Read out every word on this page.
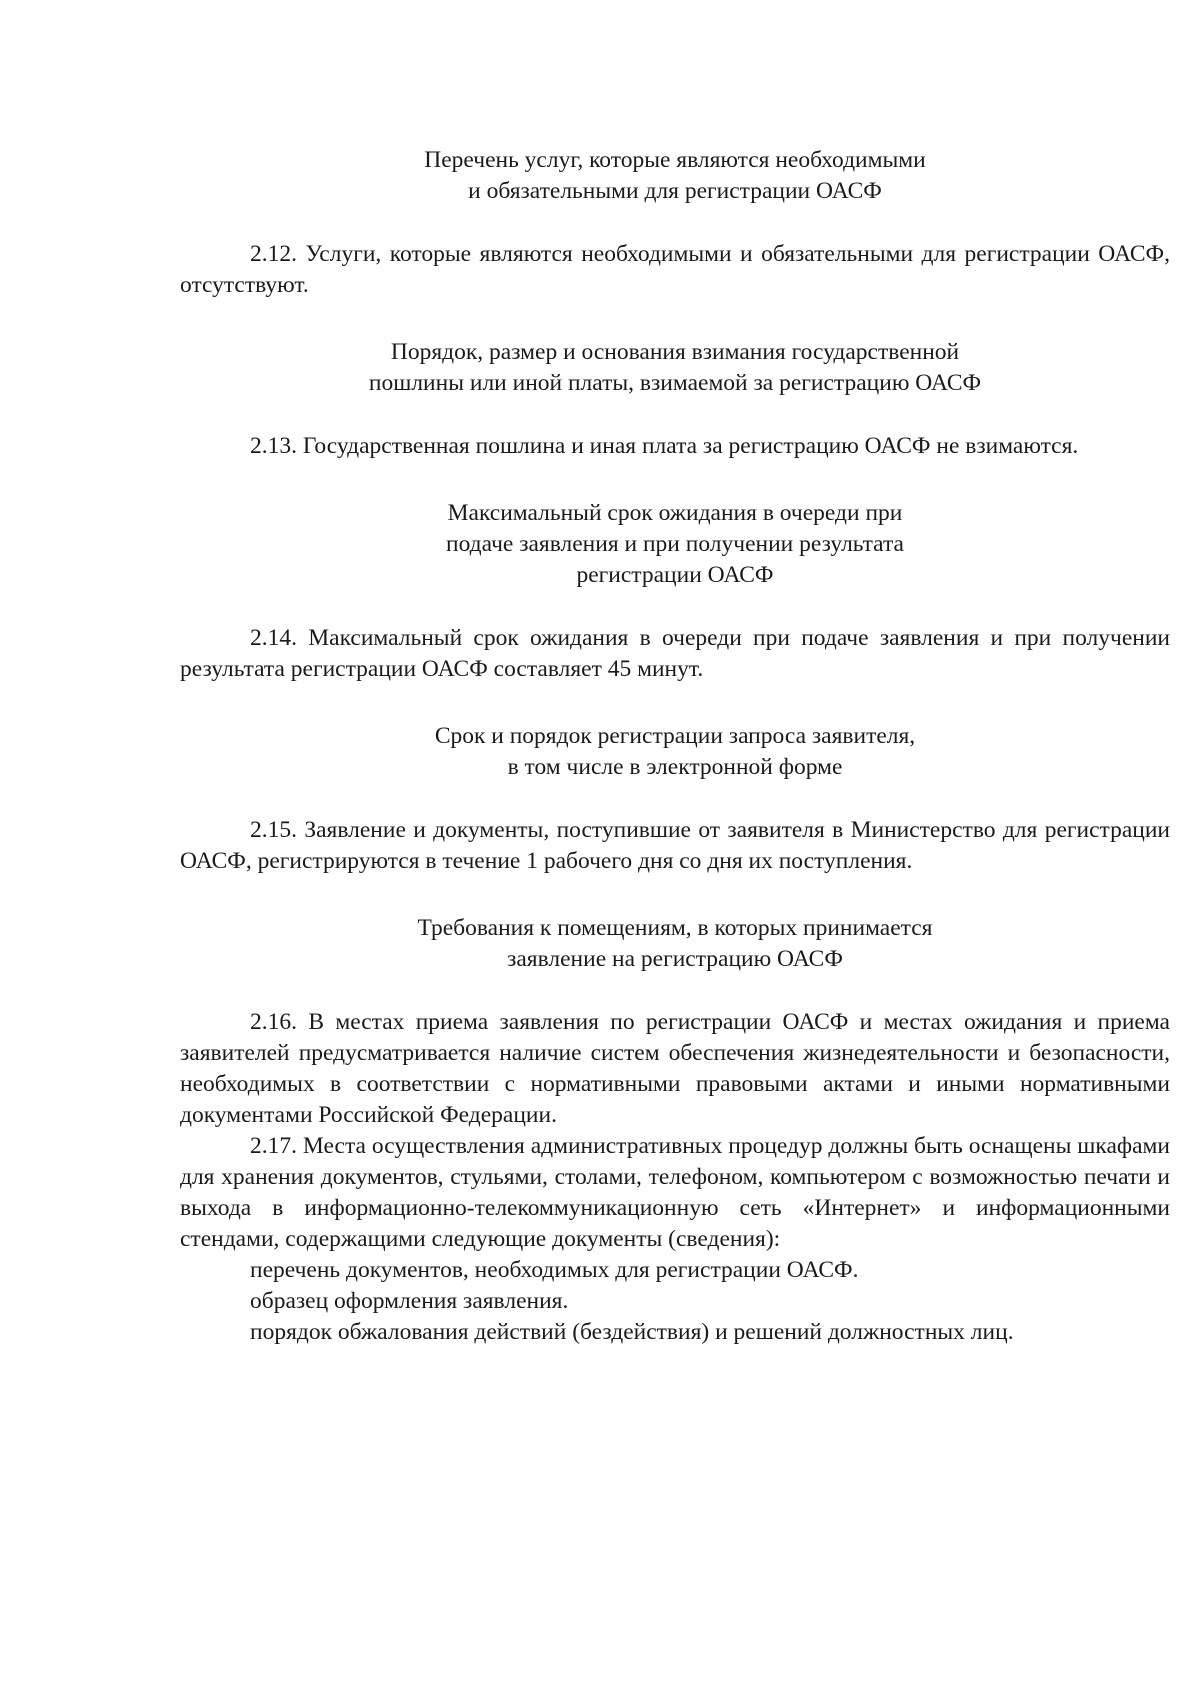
Перечень услуг, которые являются необходимыми
и обязательными для регистрации ОАСФ

2.12. Услуги, которые являются необходимыми и обязательными для регистрации ОАСФ, отсутствуют.

Порядок, размер и основания взимания государственной
пошлины или иной платы, взимаемой за регистрацию ОАСФ

2.13. Государственная пошлина и иная плата за регистрацию ОАСФ не взимаются.

Максимальный срок ожидания в очереди при
подаче заявления и при получении результата
регистрации ОАСФ

2.14. Максимальный срок ожидания в очереди при подаче заявления и при получении результата регистрации ОАСФ составляет 45 минут.

Срок и порядок регистрации запроса заявителя,
в том числе в электронной форме

2.15. Заявление и документы, поступившие от заявителя в Министерство для регистрации ОАСФ, регистрируются в течение 1 рабочего дня со дня их поступления.

Требования к помещениям, в которых принимается
заявление на регистрацию ОАСФ

2.16. В местах приема заявления по регистрации ОАСФ и местах ожидания и приема заявителей предусматривается наличие систем обеспечения жизнедеятельности и безопасности, необходимых в соответствии с нормативными правовыми актами и иными нормативными документами Российской Федерации.

2.17. Места осуществления административных процедур должны быть оснащены шкафами для хранения документов, стульями, столами, телефоном, компьютером с возможностью печати и выхода в информационно-телекоммуникационную сеть «Интернет» и информационными стендами, содержащими следующие документы (сведения):

перечень документов, необходимых для регистрации ОАСФ.

образец оформления заявления.

порядок обжалования действий (бездействия) и решений должностных лиц.
